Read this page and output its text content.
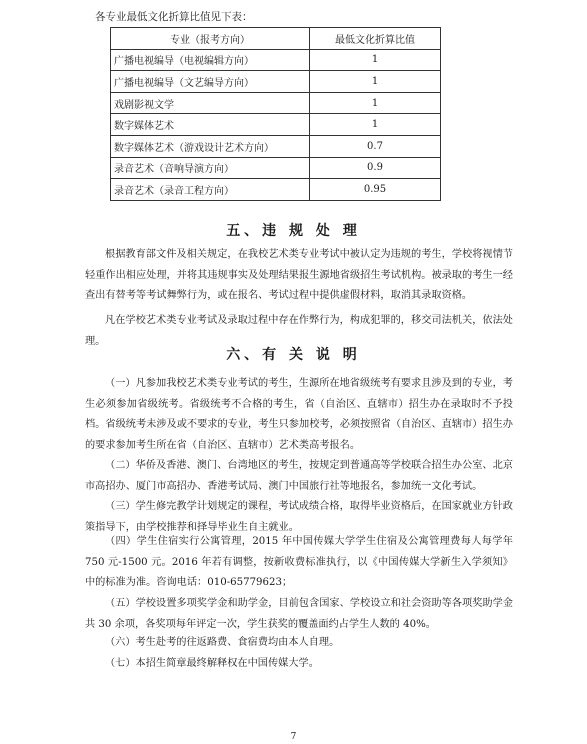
各专业最低文化折算比值见下表：
专业（报考方向）	最低文化折算比值
广播电视编导（电视编辑方向）	1
广播电视编导（文艺编导方向）	1
戏剧影视文学	1
数字媒体艺术	1
数字媒体艺术（游戏设计艺术方向）	0.7
录音艺术（音响导演方向）	0.9
录音艺术（录音工程方向）	0.95
五、违 规 处 理

根据教育部文件及相关规定，在我校艺术类专业考试中被认定为违规的考生，学校将视情节轻重作出相应处理，并将其违规事实及处理结果报生源地省级招生考试机构。被录取的考生一经查出有替考等考试舞弊行为，或在报名、考试过程中提供虚假材料，取消其录取资格。

凡在学校艺术类专业考试及录取过程中存在作弊行为，构成犯罪的，移交司法机关，依法处理。

六、有 关 说 明

（一）凡参加我校艺术类专业考试的考生，生源所在地省级统考有要求且涉及到的专业，考生必须参加省级统考。省级统考不合格的考生，省（自治区、直辖市）招生办在录取时不予投档。省级统考未涉及或不要求的专业，考生只参加校考，必须按照省（自治区、直辖市）招生办的要求参加考生所在省（自治区、直辖市）艺术类高考报名。

（二）华侨及香港、澳门、台湾地区的考生，按规定到普通高等学校联合招生办公室、北京市高招办、厦门市高招办、香港考试局、澳门中国旅行社等地报名，参加统一文化考试。

（三）学生修完教学计划规定的课程，考试成绩合格，取得毕业资格后，在国家就业方针政策指导下，由学校推荐和择导毕业生自主就业。

（四）学生住宿实行公寓管理，2015 年中国传媒大学学生住宿及公寓管理费每人每学年 750 元-1500 元。2016 年若有调整，按新收费标准执行，以《中国传媒大学新生入学须知》中的标准为准。咨询电话：010-65779623；

（五）学校设置多项奖学金和助学金，目前包含国家、学校设立和社会资助等各项奖助学金共 30 余项，各奖项每年评定一次，学生获奖的覆盖面约占学生人数的 40%。

（六）考生赴考的往返路费、食宿费均由本人自理。

（七）本招生简章最终解释权在中国传媒大学。

7
